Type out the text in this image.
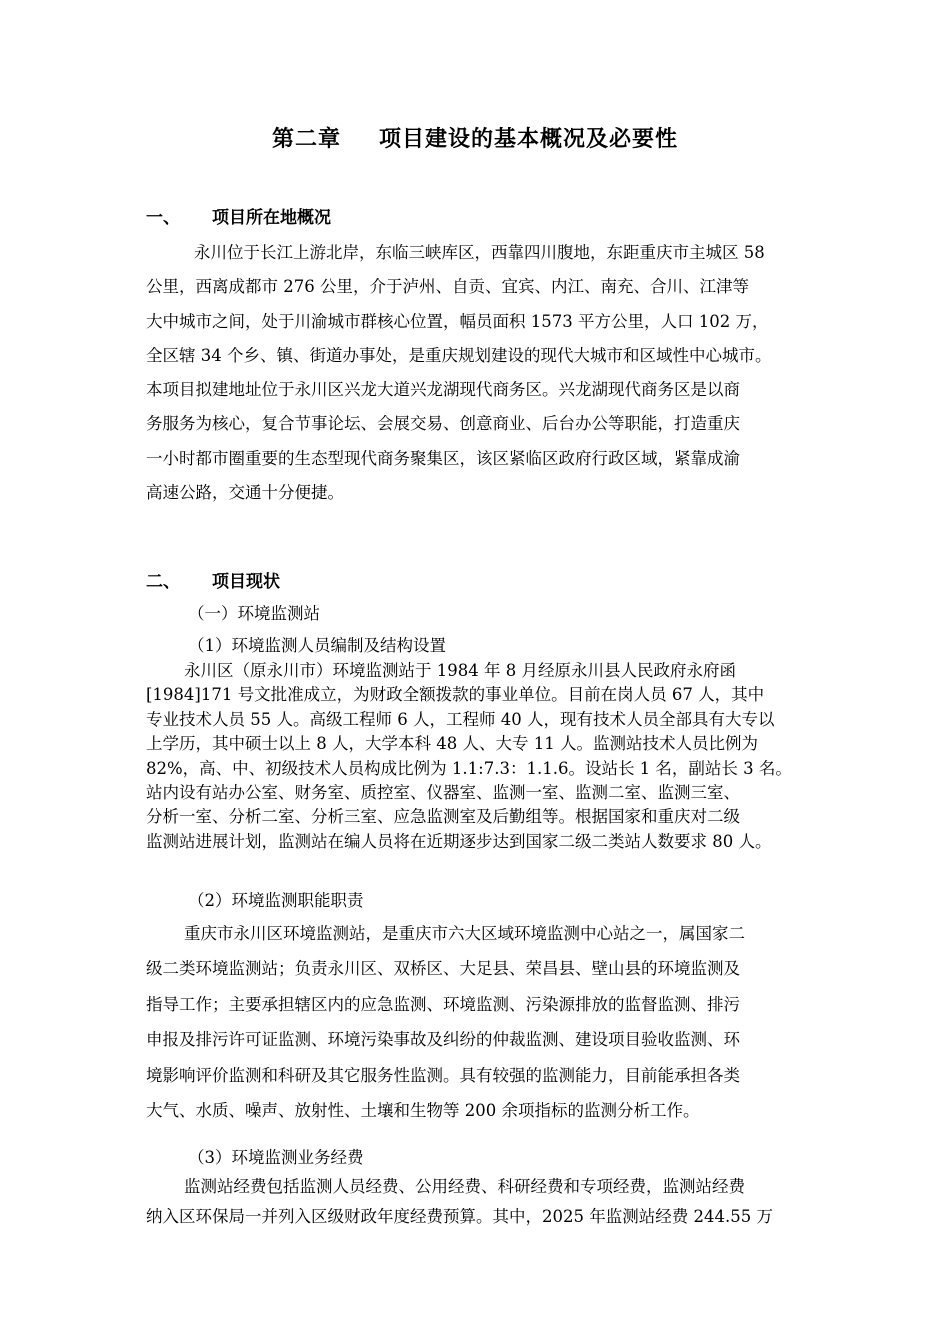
第二章 项目建设的基本概况及必要性
一、 项目所在地概况
永川位于长江上游北岸，东临三峡库区，西靠四川腹地，东距重庆市主城区 58
公里，西离成都市 276 公里，介于泸州、自贡、宜宾、内江、南充、合川、江津等
大中城市之间，处于川渝城市群核心位置，幅员面积 1573 平方公里，人口 102 万，
全区辖 34 个乡、镇、街道办事处，是重庆规划建设的现代大城市和区域性中心城市。
本项目拟建地址位于永川区兴龙大道兴龙湖现代商务区。兴龙湖现代商务区是以商
务服务为核心，复合节事论坛、会展交易、创意商业、后台办公等职能，打造重庆
一小时都市圈重要的生态型现代商务聚集区，该区紧临区政府行政区域，紧靠成渝
高速公路，交通十分便捷。
二、 项目现状
（一）环境监测站
（1）环境监测人员编制及结构设置
永川区（原永川市）环境监测站于 1984 年 8 月经原永川县人民政府永府函
[1984]171 号文批准成立，为财政全额拨款的事业单位。目前在岗人员 67 人，其中
专业技术人员 55 人。高级工程师 6 人，工程师 40 人，现有技术人员全部具有大专以
上学历，其中硕士以上 8 人，大学本科 48 人、大专 11 人。监测站技术人员比例为
82%，高、中、初级技术人员构成比例为 1.1:7.3：1.1.6。设站长 1 名，副站长 3 名。
站内设有站办公室、财务室、质控室、仪器室、监测一室、监测二室、监测三室、
分析一室、分析二室、分析三室、应急监测室及后勤组等。根据国家和重庆对二级
监测站进展计划，监测站在编人员将在近期逐步达到国家二级二类站人数要求 80 人。
（2）环境监测职能职责
重庆市永川区环境监测站，是重庆市六大区域环境监测中心站之一，属国家二
级二类环境监测站；负责永川区、双桥区、大足县、荣昌县、壁山县的环境监测及
指导工作；主要承担辖区内的应急监测、环境监测、污染源排放的监督监测、排污
申报及排污许可证监测、环境污染事故及纠纷的仲裁监测、建设项目验收监测、环
境影响评价监测和科研及其它服务性监测。具有较强的监测能力，目前能承担各类
大气、水质、噪声、放射性、土壤和生物等 200 余项指标的监测分析工作。
（3）环境监测业务经费
监测站经费包括监测人员经费、公用经费、科研经费和专项经费，监测站经费
纳入区环保局一并列入区级财政年度经费预算。其中，2025 年监测站经费 244.55 万
